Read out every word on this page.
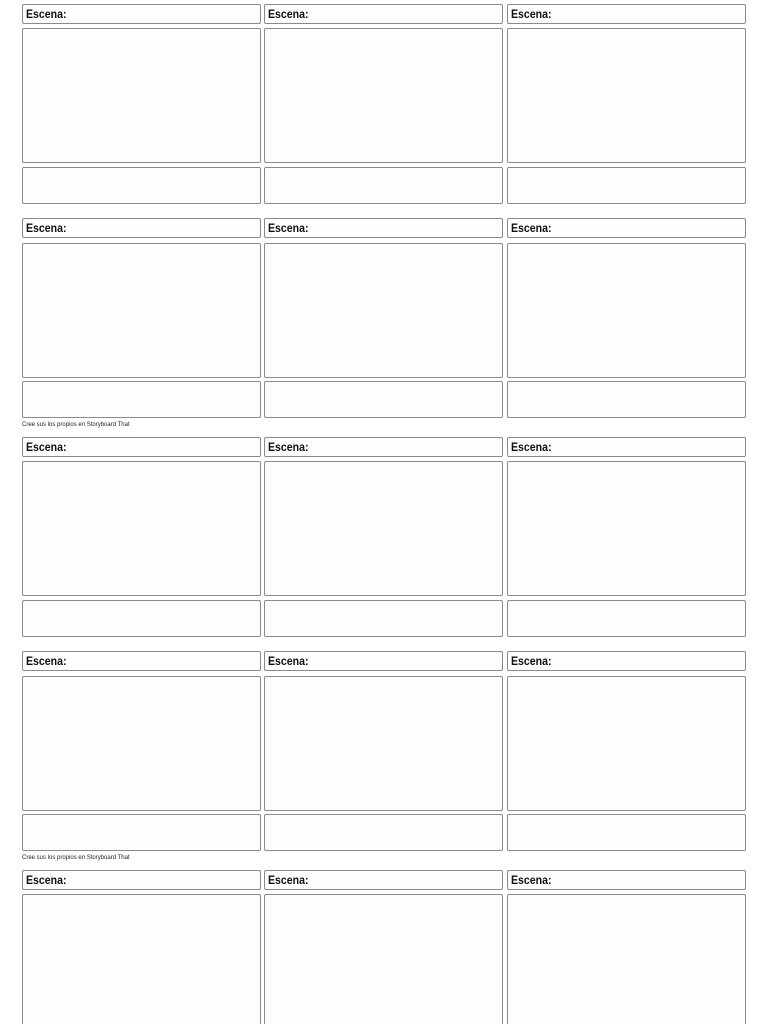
Escena:	Escena:	Escena:
Escena:	Escena:	Escena:
Cree sus los propios en Storyboard That
Escena:	Escena:	Escena:
Escena:	Escena:	Escena:
Cree sus los propios en Storyboard That
Escena:	Escena:	Escena:
